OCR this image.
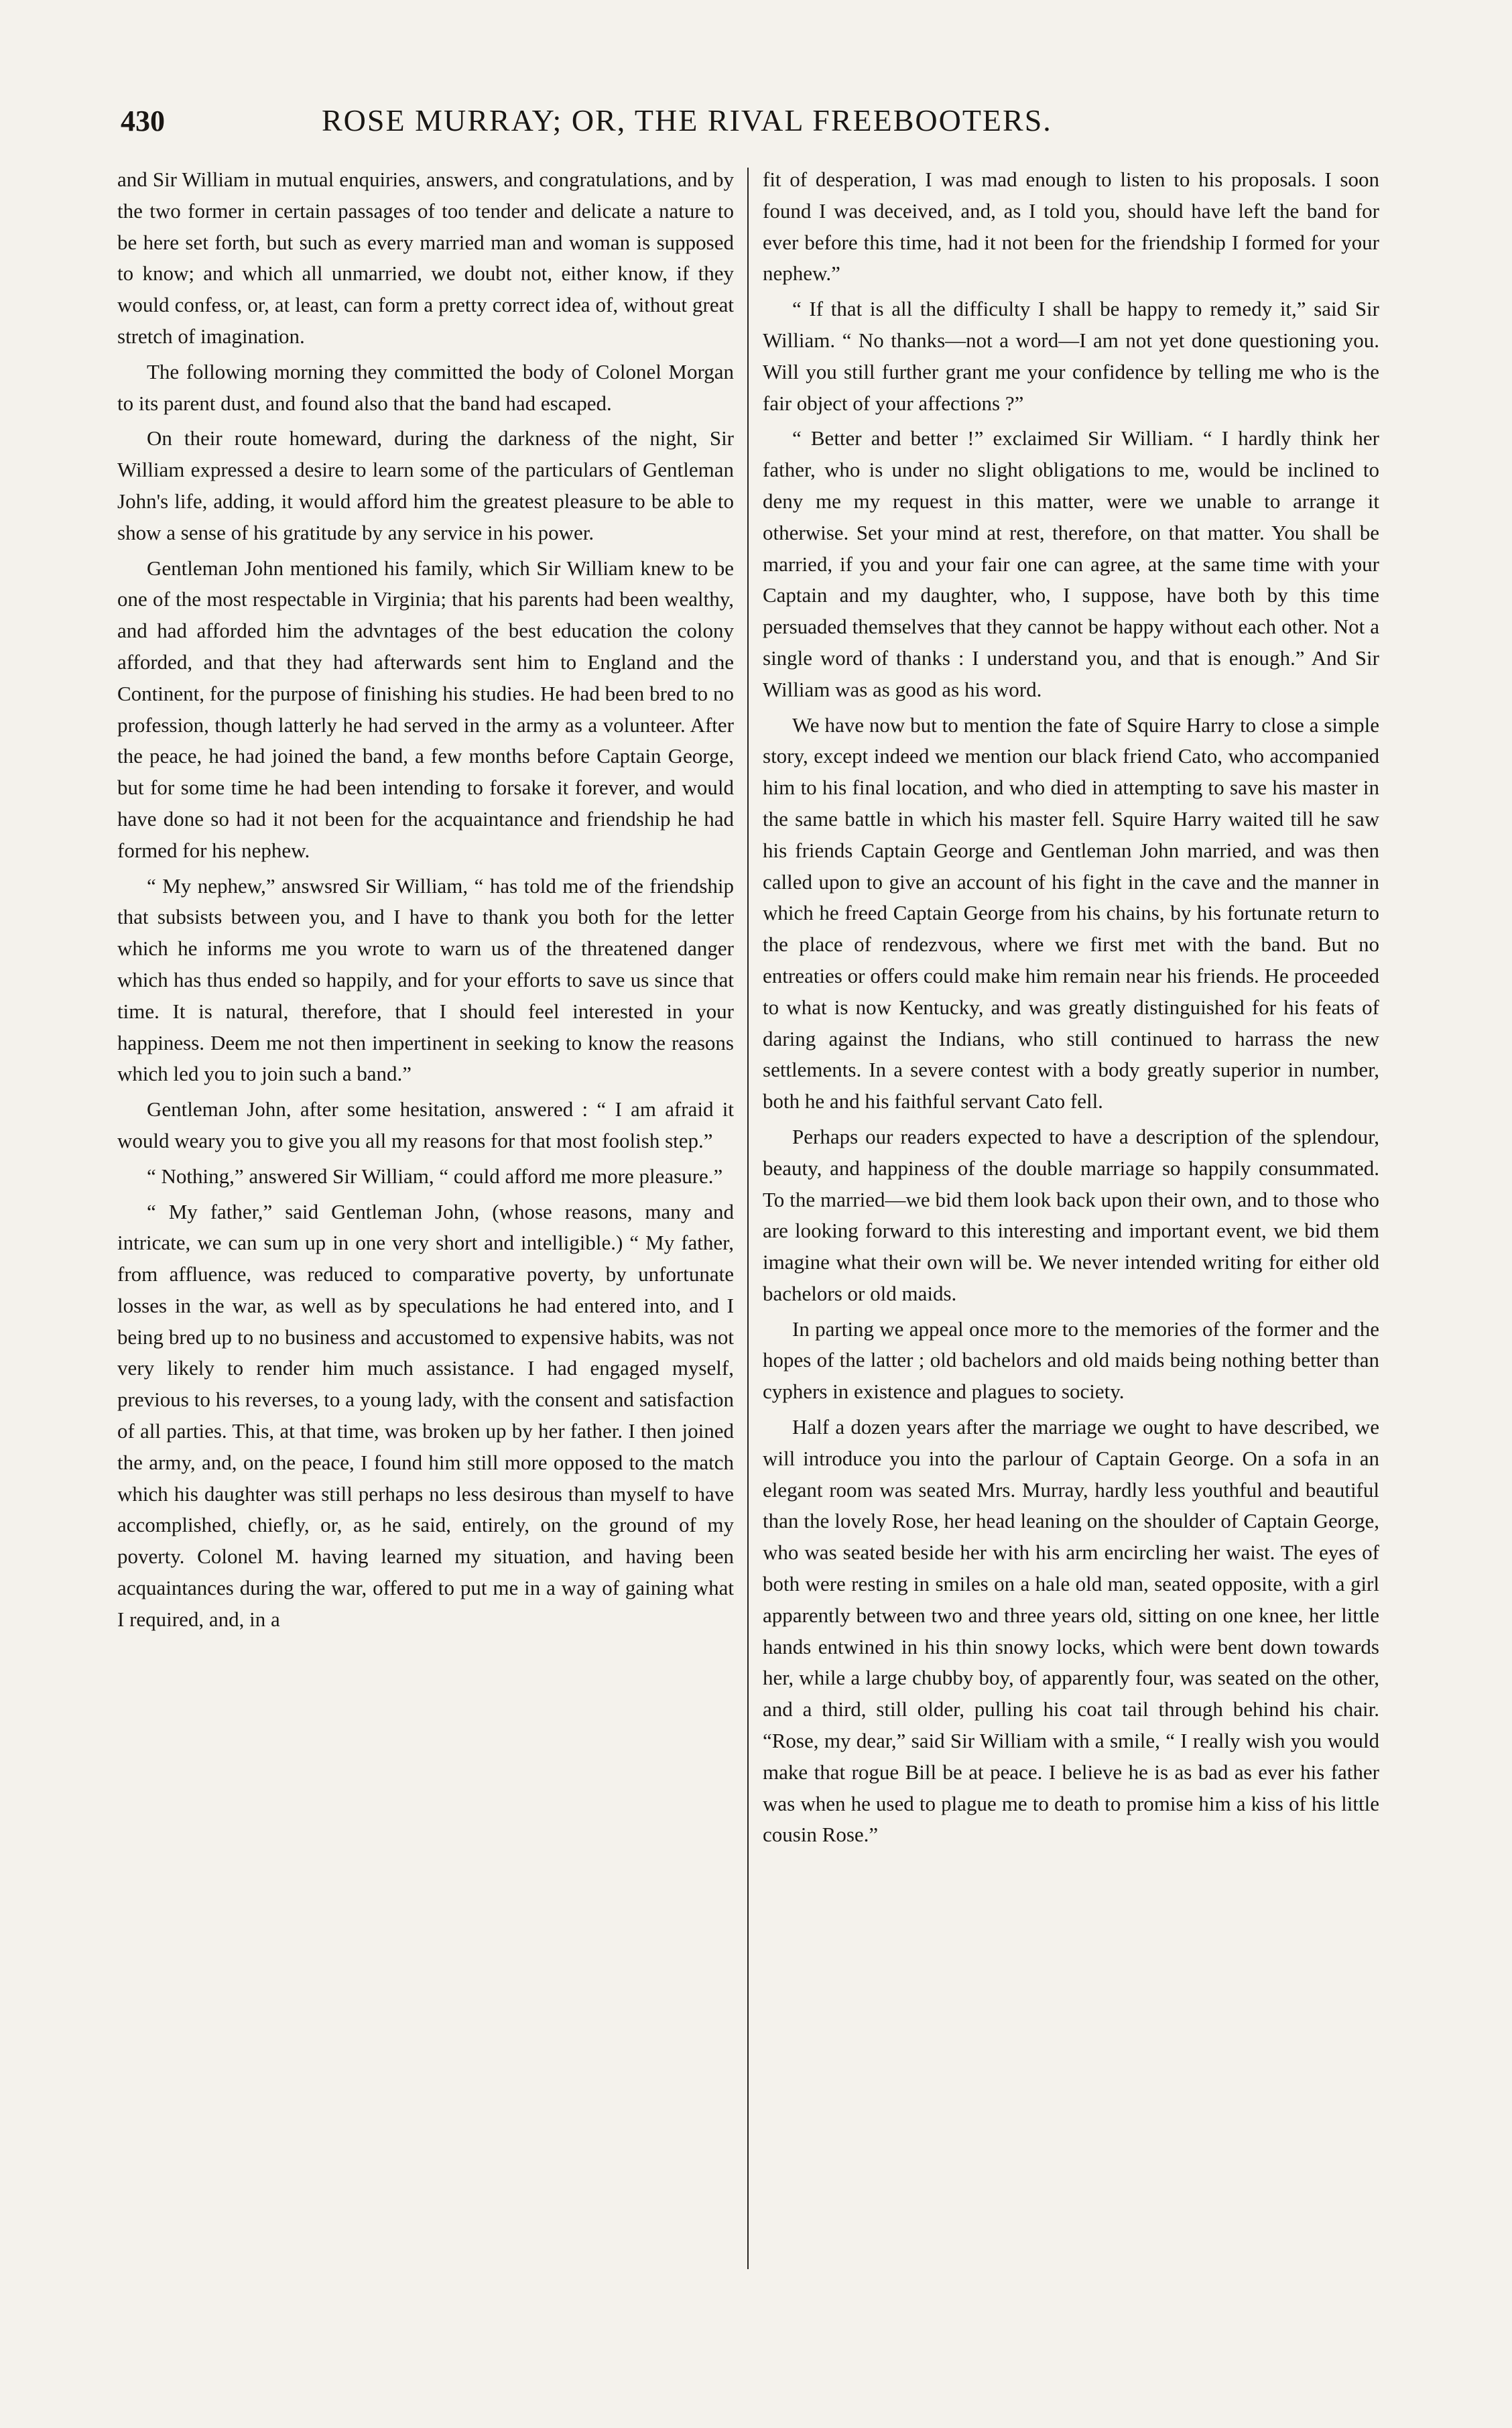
430	ROSE MURRAY; OR, THE RIVAL FREEBOOTERS.

and Sir William in mutual enquiries, answers, and congratulations, and by the two former in certain passages of too tender and delicate a nature to be here set forth, but such as every married man and woman is supposed to know; and which all unmarried, we doubt not, either know, if they would confess, or, at least, can form a pretty correct idea of, without great stretch of imagination.

The following morning they committed the body of Colonel Morgan to its parent dust, and found also that the band had escaped.

On their route homeward, during the darkness of the night, Sir William expressed a desire to learn some of the particulars of Gentleman John's life, adding, it would afford him the greatest pleasure to be able to show a sense of his gratitude by any service in his power.

Gentleman John mentioned his family, which Sir William knew to be one of the most respectable in Virginia; that his parents had been wealthy, and had afforded him the advntages of the best education the colony afforded, and that they had afterwards sent him to England and the Continent, for the purpose of finishing his studies. He had been bred to no profession, though latterly he had served in the army as a volunteer. After the peace, he had joined the band, a few months before Captain George, but for some time he had been intending to forsake it forever, and would have done so had it not been for the acquaintance and friendship he had formed for his nephew.

“ My nephew,” answsred Sir William, “ has told me of the friendship that subsists between you, and I have to thank you both for the letter which he informs me you wrote to warn us of the threatened danger which has thus ended so happily, and for your efforts to save us since that time. It is natural, therefore, that I should feel interested in your happiness. Deem me not then impertinent in seeking to know the reasons which led you to join such a band.”

Gentleman John, after some hesitation, answered : “ I am afraid it would weary you to give you all my reasons for that most foolish step.”

“ Nothing,” answered Sir William, “ could afford me more pleasure.”

“ My father,” said Gentleman John, (whose reasons, many and intricate, we can sum up in one very short and intelligible.) “ My father, from affluence, was reduced to comparative poverty, by unfortunate losses in the war, as well as by speculations he had entered into, and I being bred up to no business and accustomed to expensive habits, was not very likely to render him much assistance. I had engaged myself, previous to his reverses, to a young lady, with the consent and satisfaction of all parties. This, at that time, was broken up by her father. I then joined the army, and, on the peace, I found him still more opposed to the match which his daughter was still perhaps no less desirous than myself to have accomplished, chiefly, or, as he said, entirely, on the ground of my poverty. Colonel M. having learned my situation, and having been acquaintances during the war, offered to put me in a way of gaining what I required, and, in a

fit of desperation, I was mad enough to listen to his proposals. I soon found I was deceived, and, as I told you, should have left the band for ever before this time, had it not been for the friendship I formed for your nephew.”

“ If that is all the difficulty I shall be happy to remedy it,” said Sir William. “ No thanks—not a word—I am not yet done questioning you. Will you still further grant me your confidence by telling me who is the fair object of your affections ?”

“ Better and better !” exclaimed Sir William. “ I hardly think her father, who is under no slight obligations to me, would be inclined to deny me my request in this matter, were we unable to arrange it otherwise. Set your mind at rest, therefore, on that matter. You shall be married, if you and your fair one can agree, at the same time with your Captain and my daughter, who, I suppose, have both by this time persuaded themselves that they cannot be happy without each other. Not a single word of thanks : I understand you, and that is enough.” And Sir William was as good as his word.

We have now but to mention the fate of Squire Harry to close a simple story, except indeed we mention our black friend Cato, who accompanied him to his final location, and who died in attempting to save his master in the same battle in which his master fell. Squire Harry waited till he saw his friends Captain George and Gentleman John married, and was then called upon to give an account of his fight in the cave and the manner in which he freed Captain George from his chains, by his fortunate return to the place of rendezvous, where we first met with the band. But no entreaties or offers could make him remain near his friends. He proceeded to what is now Kentucky, and was greatly distinguished for his feats of daring against the Indians, who still continued to harrass the new settlements. In a severe contest with a body greatly superior in number, both he and his faithful servant Cato fell.

Perhaps our readers expected to have a description of the splendour, beauty, and happiness of the double marriage so happily consummated. To the married—we bid them look back upon their own, and to those who are looking forward to this interesting and important event, we bid them imagine what their own will be. We never intended writing for either old bachelors or old maids.

In parting we appeal once more to the memories of the former and the hopes of the latter ; old bachelors and old maids being nothing better than cyphers in existence and plagues to society.

Half a dozen years after the marriage we ought to have described, we will introduce you into the parlour of Captain George. On a sofa in an elegant room was seated Mrs. Murray, hardly less youthful and beautiful than the lovely Rose, her head leaning on the shoulder of Captain George, who was seated beside her with his arm encircling her waist. The eyes of both were resting in smiles on a hale old man, seated opposite, with a girl apparently between two and three years old, sitting on one knee, her little hands entwined in his thin snowy locks, which were bent down towards her, while a large chubby boy, of apparently four, was seated on the other, and a third, still older, pulling his coat tail through behind his chair. “Rose, my dear,” said Sir William with a smile, “ I really wish you would make that rogue Bill be at peace. I believe he is as bad as ever his father was when he used to plague me to death to promise him a kiss of his little cousin Rose.”
